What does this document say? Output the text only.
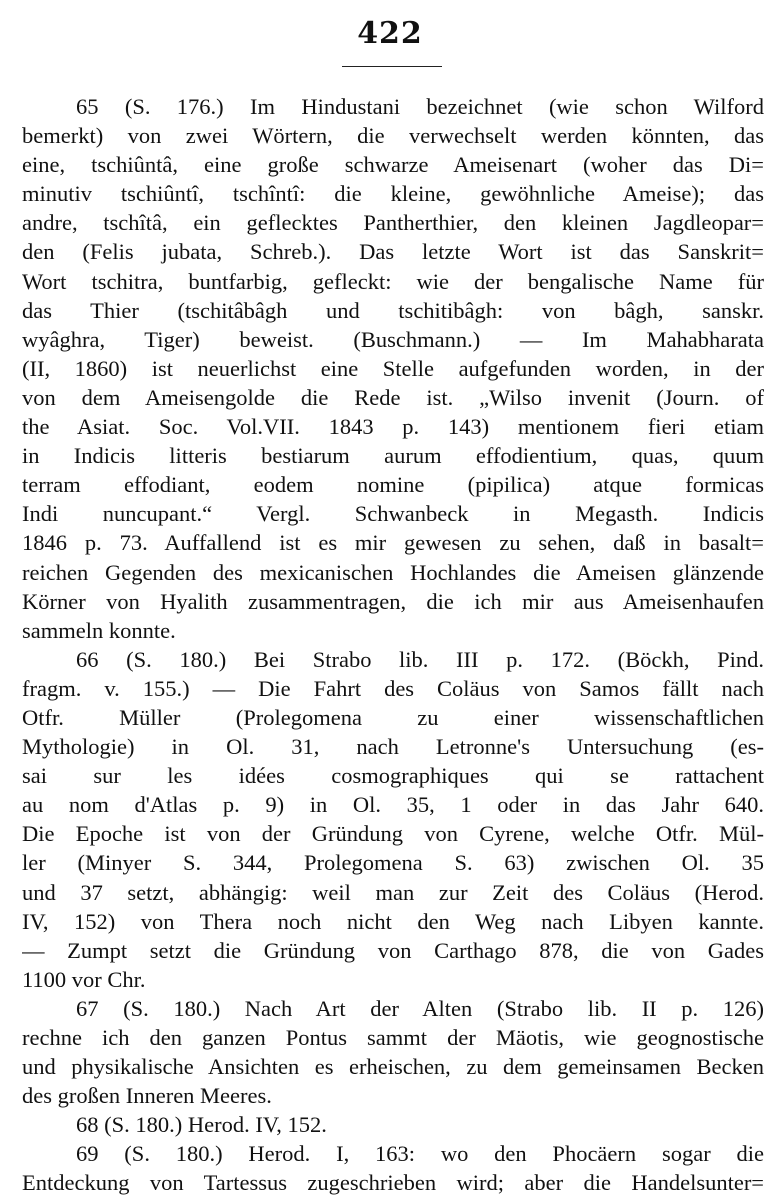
422
65 (S. 176.) Im Hindustani bezeichnet (wie schon Wilford
bemerkt) von zwei Wörtern, die verwechselt werden könnten, das
eine, tschiûntâ, eine große schwarze Ameisenart (woher das Di=
minutiv tschiûntî, tschîntî: die kleine, gewöhnliche Ameise); das
andre, tschîtâ, ein geflecktes Pantherthier, den kleinen Jagdleopar=
den (Felis jubata, Schreb.). Das letzte Wort ist das Sanskrit=
Wort tschitra, buntfarbig, gefleckt: wie der bengalische Name für
das Thier (tschitâbâgh und tschitibâgh: von bâgh, sanskr.
wyâghra, Tiger) beweist. (Buschmann.) — Im Mahabharata
(II, 1860) ist neuerlichst eine Stelle aufgefunden worden, in der
von dem Ameisengolde die Rede ist. „Wilso invenit (Journ. of
the Asiat. Soc. Vol.VII. 1843 p. 143) mentionem fieri etiam
in Indicis litteris bestiarum aurum effodientium, quas, quum
terram effodiant, eodem nomine (pipilica) atque formicas
Indi nuncupant.“ Vergl. Schwanbeck in Megasth. Indicis
1846 p. 73. Auffallend ist es mir gewesen zu sehen, daß in basalt=
reichen Gegenden des mexicanischen Hochlandes die Ameisen glänzende
Körner von Hyalith zusammentragen, die ich mir aus Ameisenhaufen
sammeln konnte.
66 (S. 180.) Bei Strabo lib. III p. 172. (Böckh, Pind.
fragm. v. 155.) — Die Fahrt des Coläus von Samos fällt nach
Otfr. Müller (Prolegomena zu einer wissenschaftlichen
Mythologie) in Ol. 31, nach Letronne's Untersuchung (es-
sai sur les idées cosmographiques qui se rattachent
au nom d'Atlas p. 9) in Ol. 35, 1 oder in das Jahr 640.
Die Epoche ist von der Gründung von Cyrene, welche Otfr. Mül-
ler (Minyer S. 344, Prolegomena S. 63) zwischen Ol. 35
und 37 setzt, abhängig: weil man zur Zeit des Coläus (Herod.
IV, 152) von Thera noch nicht den Weg nach Libyen kannte.
— Zumpt setzt die Gründung von Carthago 878, die von Gades
1100 vor Chr.
67 (S. 180.) Nach Art der Alten (Strabo lib. II p. 126)
rechne ich den ganzen Pontus sammt der Mäotis, wie geognostische
und physikalische Ansichten es erheischen, zu dem gemeinsamen Becken
des großen Inneren Meeres.
68 (S. 180.) Herod. IV, 152.
69 (S. 180.) Herod. I, 163: wo den Phocäern sogar die
Entdeckung von Tartessus zugeschrieben wird; aber die Handelsunter=
